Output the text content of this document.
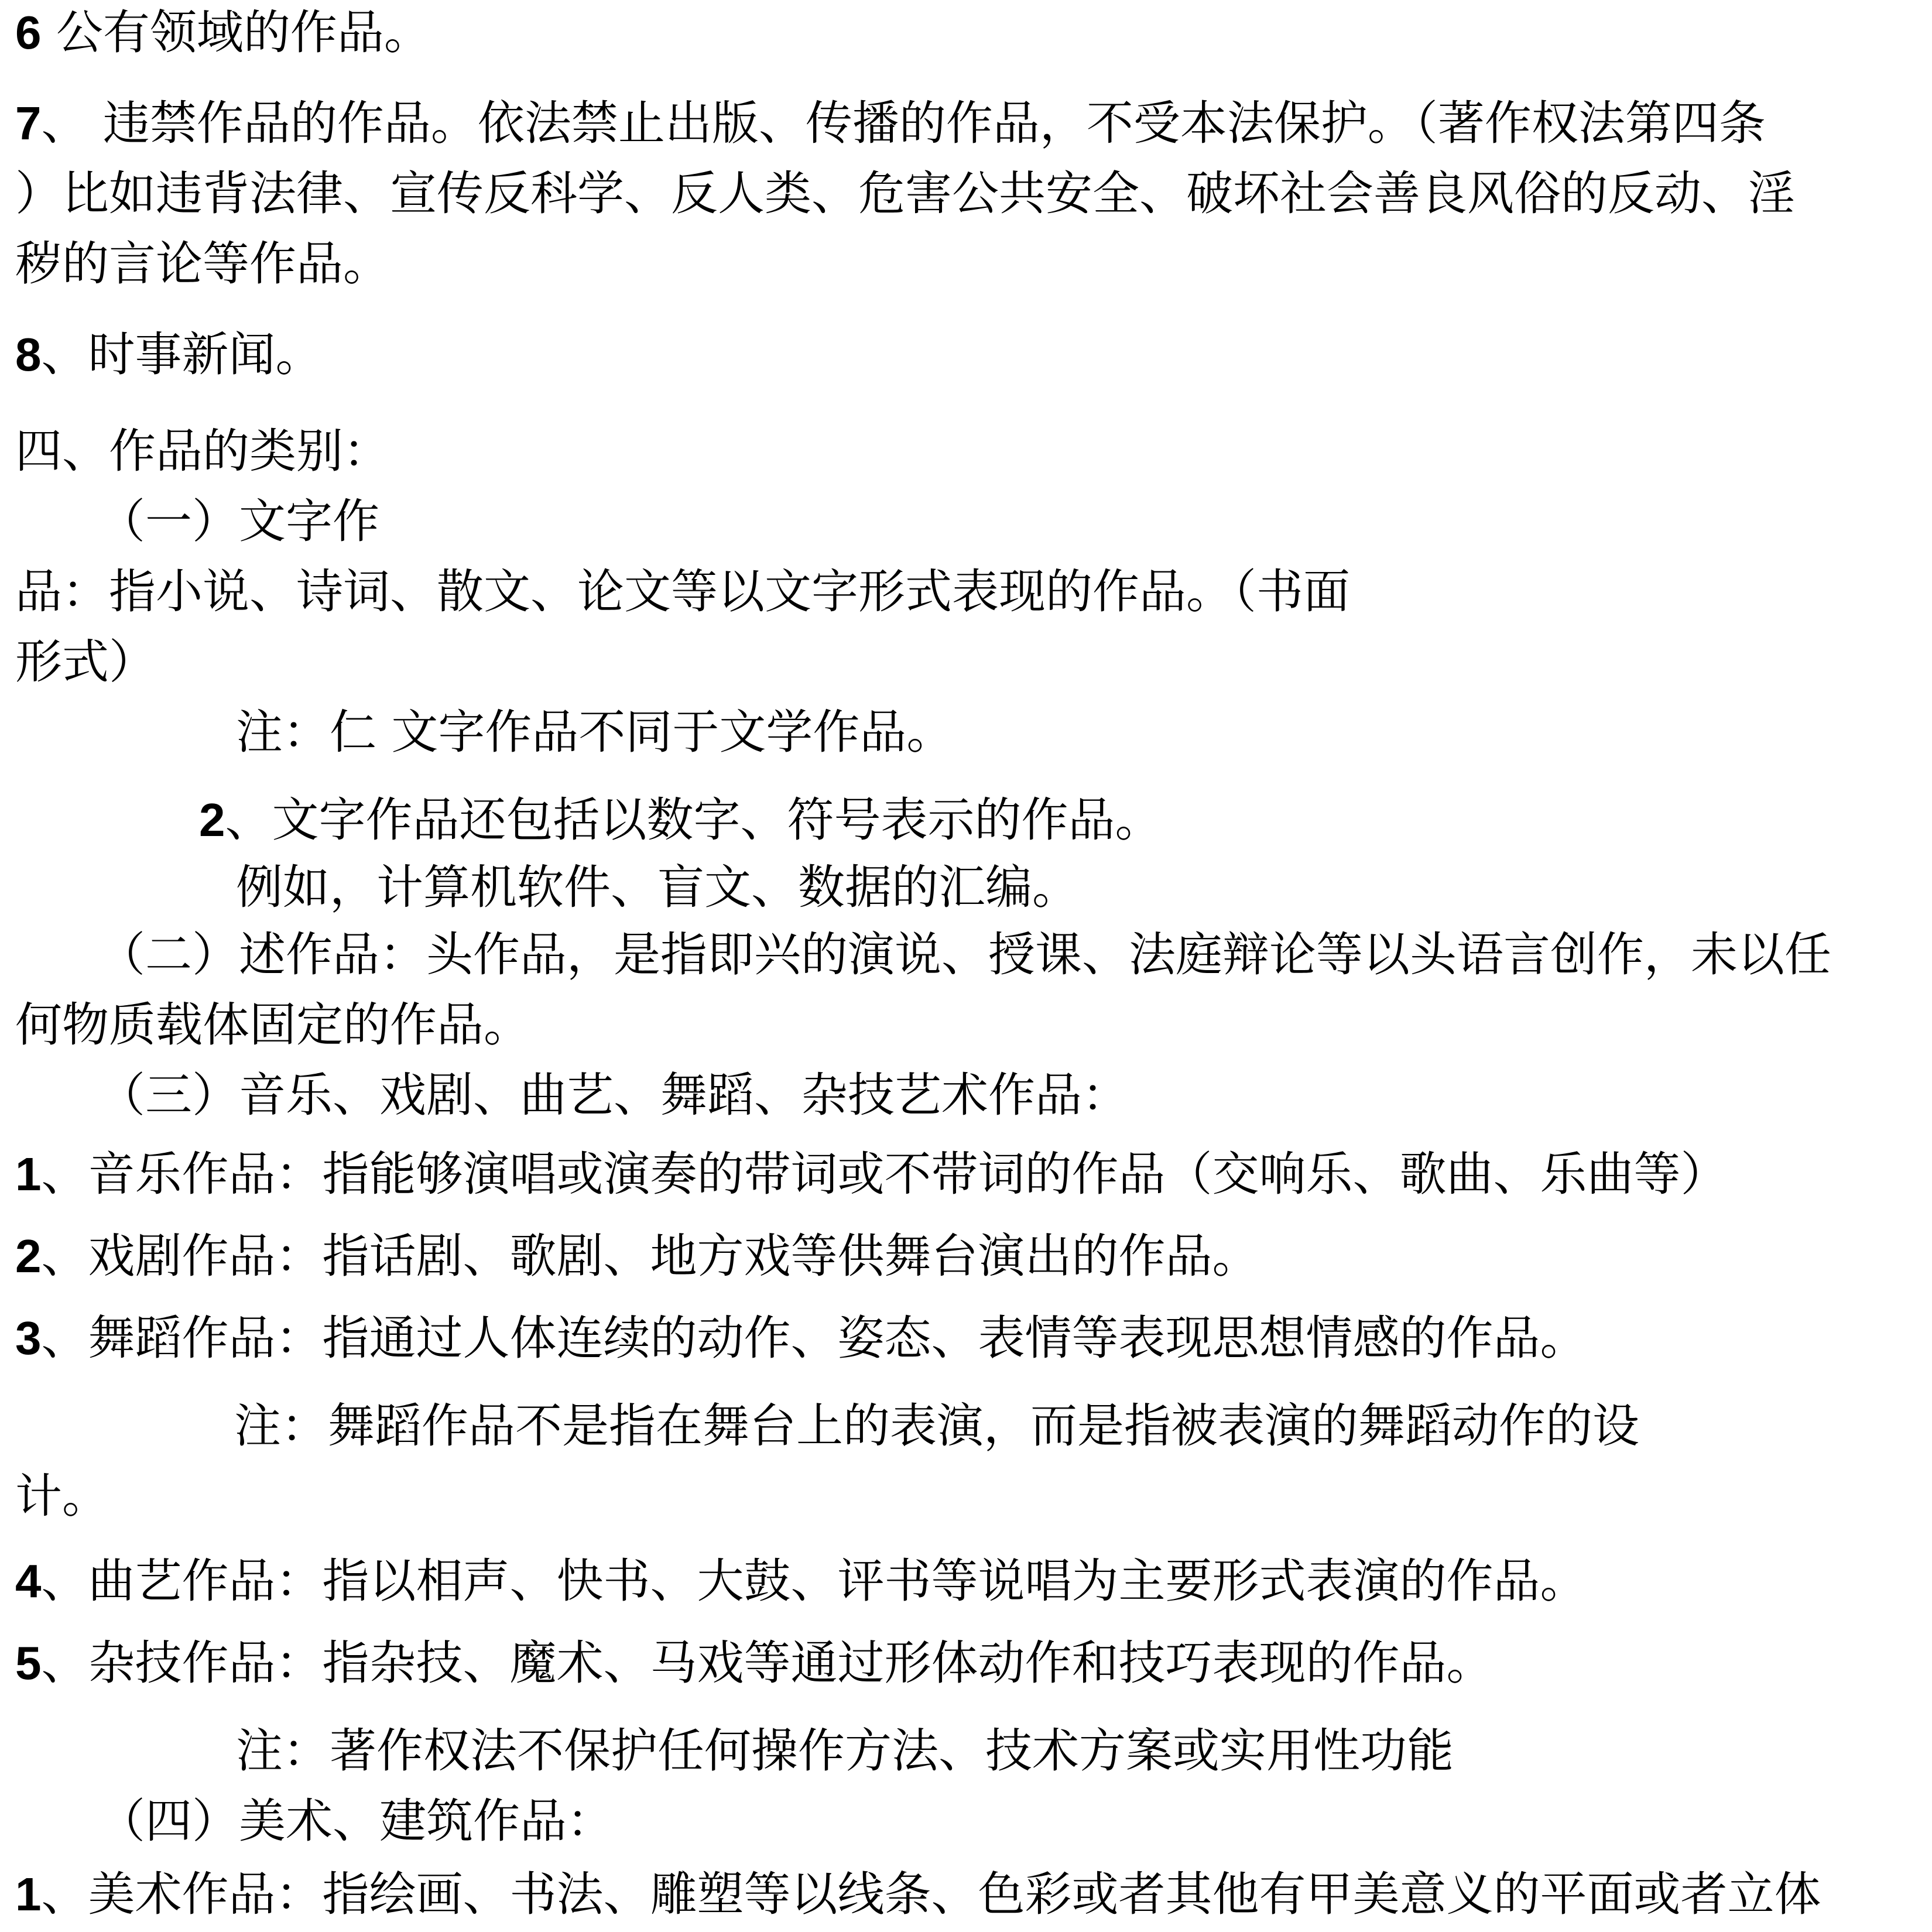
6 公有领域的作品。

7、 违禁作品的作品。依法禁止出版、传播的作品，不受本法保护。（著作权法第四条

）比如违背法律、宣传反科学、反人类、危害公共安全、破坏社会善良风俗的反动、淫

秽的言论等作品。

8、时事新闻。

四、作品的类别：

（一）文字作

品：指小说、诗词、散文、论文等以文字形式表现的作品。（书面

形式）

注：仁 文字作品不同于文学作品。

2、文字作品还包括以数字、符号表示的作品。

例如，计算机软件、盲文、数据的汇编。

（二）述作品：头作品，是指即兴的演说、授课、法庭辩论等以头语言创作，未以任

何物质载体固定的作品。

（三）音乐、戏剧、曲艺、舞蹈、杂技艺术作品：

1、音乐作品：指能够演唱或演奏的带词或不带词的作品（交响乐、歌曲、乐曲等）

2、戏剧作品：指话剧、歌剧、地方戏等供舞台演出的作品。

3、舞蹈作品：指通过人体连续的动作、姿态、表情等表现思想情感的作品。

注：舞蹈作品不是指在舞台上的表演，而是指被表演的舞蹈动作的设

计。

4、曲艺作品：指以相声、快书、大鼓、评书等说唱为主要形式表演的作品。

5、杂技作品：指杂技、魔术、马戏等通过形体动作和技巧表现的作品。

注：著作权法不保护任何操作方法、技术方案或实用性功能

（四）美术、建筑作品：

1、美术作品：指绘画、书法、雕塑等以线条、色彩或者其他有甲美意义的平面或者立体
